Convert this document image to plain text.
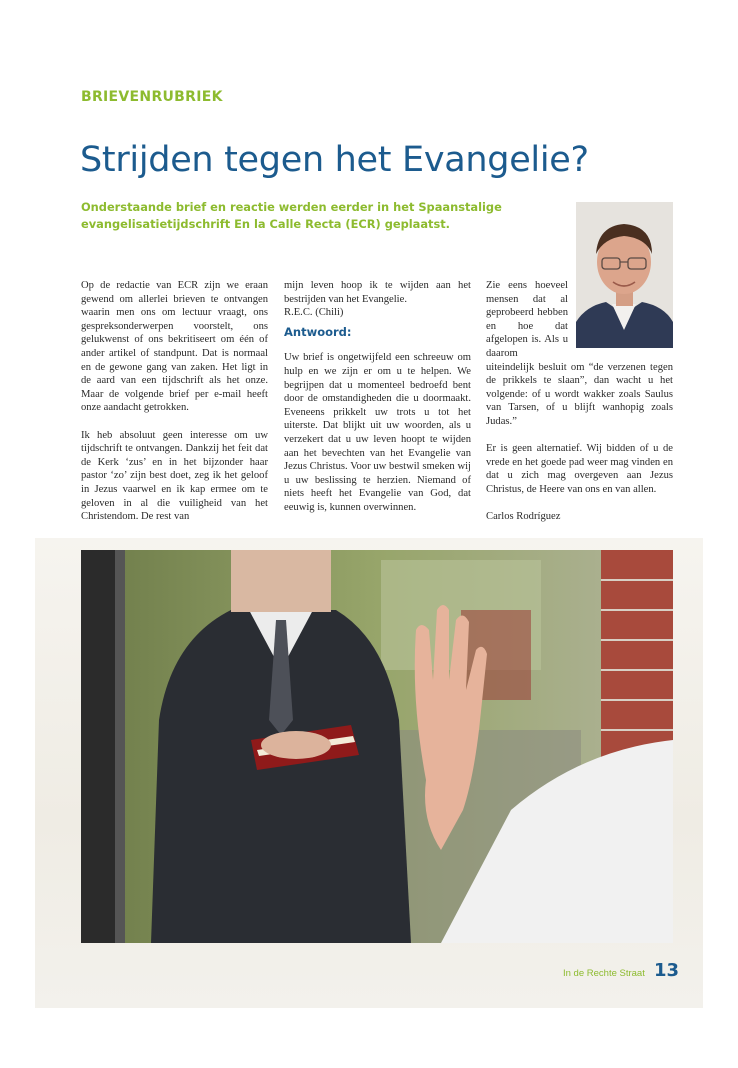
BRIEVENRUBRIEK
Strijden tegen het Evangelie?

Onderstaande brief en reactie werden eerder in het Spaanstalige evangelisatietijdschrift En la Calle Recta (ECR) geplaatst.

Op de redactie van ECR zijn we eraan gewend om allerlei brieven te ontvangen waarin men ons om lectuur vraagt, ons gespreksonderwerpen voorstelt, ons gelukwenst of ons bekritiseert om één of ander artikel of standpunt. Dat is normaal en de gewone gang van zaken. Het ligt in de aard van een tijdschrift als het onze. Maar de volgende brief per e-mail heeft onze aandacht getrokken.

Ik heb absoluut geen interesse om uw tijdschrift te ontvangen. Dankzij het feit dat de Kerk ‘zus’ en in het bijzonder haar pastor ‘zo’ zijn best doet, zeg ik het geloof in Jezus vaarwel en ik kap ermee om te geloven in al die vuiligheid van het Christendom. De rest van

mijn leven hoop ik te wijden aan het bestrijden van het Evangelie.
R.E.C. (Chili)
Antwoord:
Uw brief is ongetwijfeld een schreeuw om hulp en we zijn er om u te helpen. We begrijpen dat u momenteel bedroefd bent door de omstandigheden die u doormaakt. Eveneens prikkelt uw trots u tot het uiterste. Dat blijkt uit uw woorden, als u verzekert dat u uw leven hoopt te wijden aan het bevechten van het Evangelie van Jezus Christus. Voor uw bestwil smeken wij u uw beslissing te herzien. Niemand of niets heeft het Evangelie van God, dat eeuwig is, kunnen overwinnen.
Zie eens hoeveel mensen dat al geprobeerd hebben en hoe dat afgelopen is. Als u daarom

uiteindelijk besluit om “de verzenen tegen de prikkels te slaan”, dan wacht u het volgende: of u wordt wakker zoals Saulus van Tarsen, of u blijft wanhopig zoals Judas.”

Er is geen alternatief. Wij bidden of u de vrede en het goede pad weer mag vinden en dat u zich mag overgeven aan Jezus Christus, de Heere van ons en van allen.

Carlos Rodríguez

In de Rechte Straat 13
